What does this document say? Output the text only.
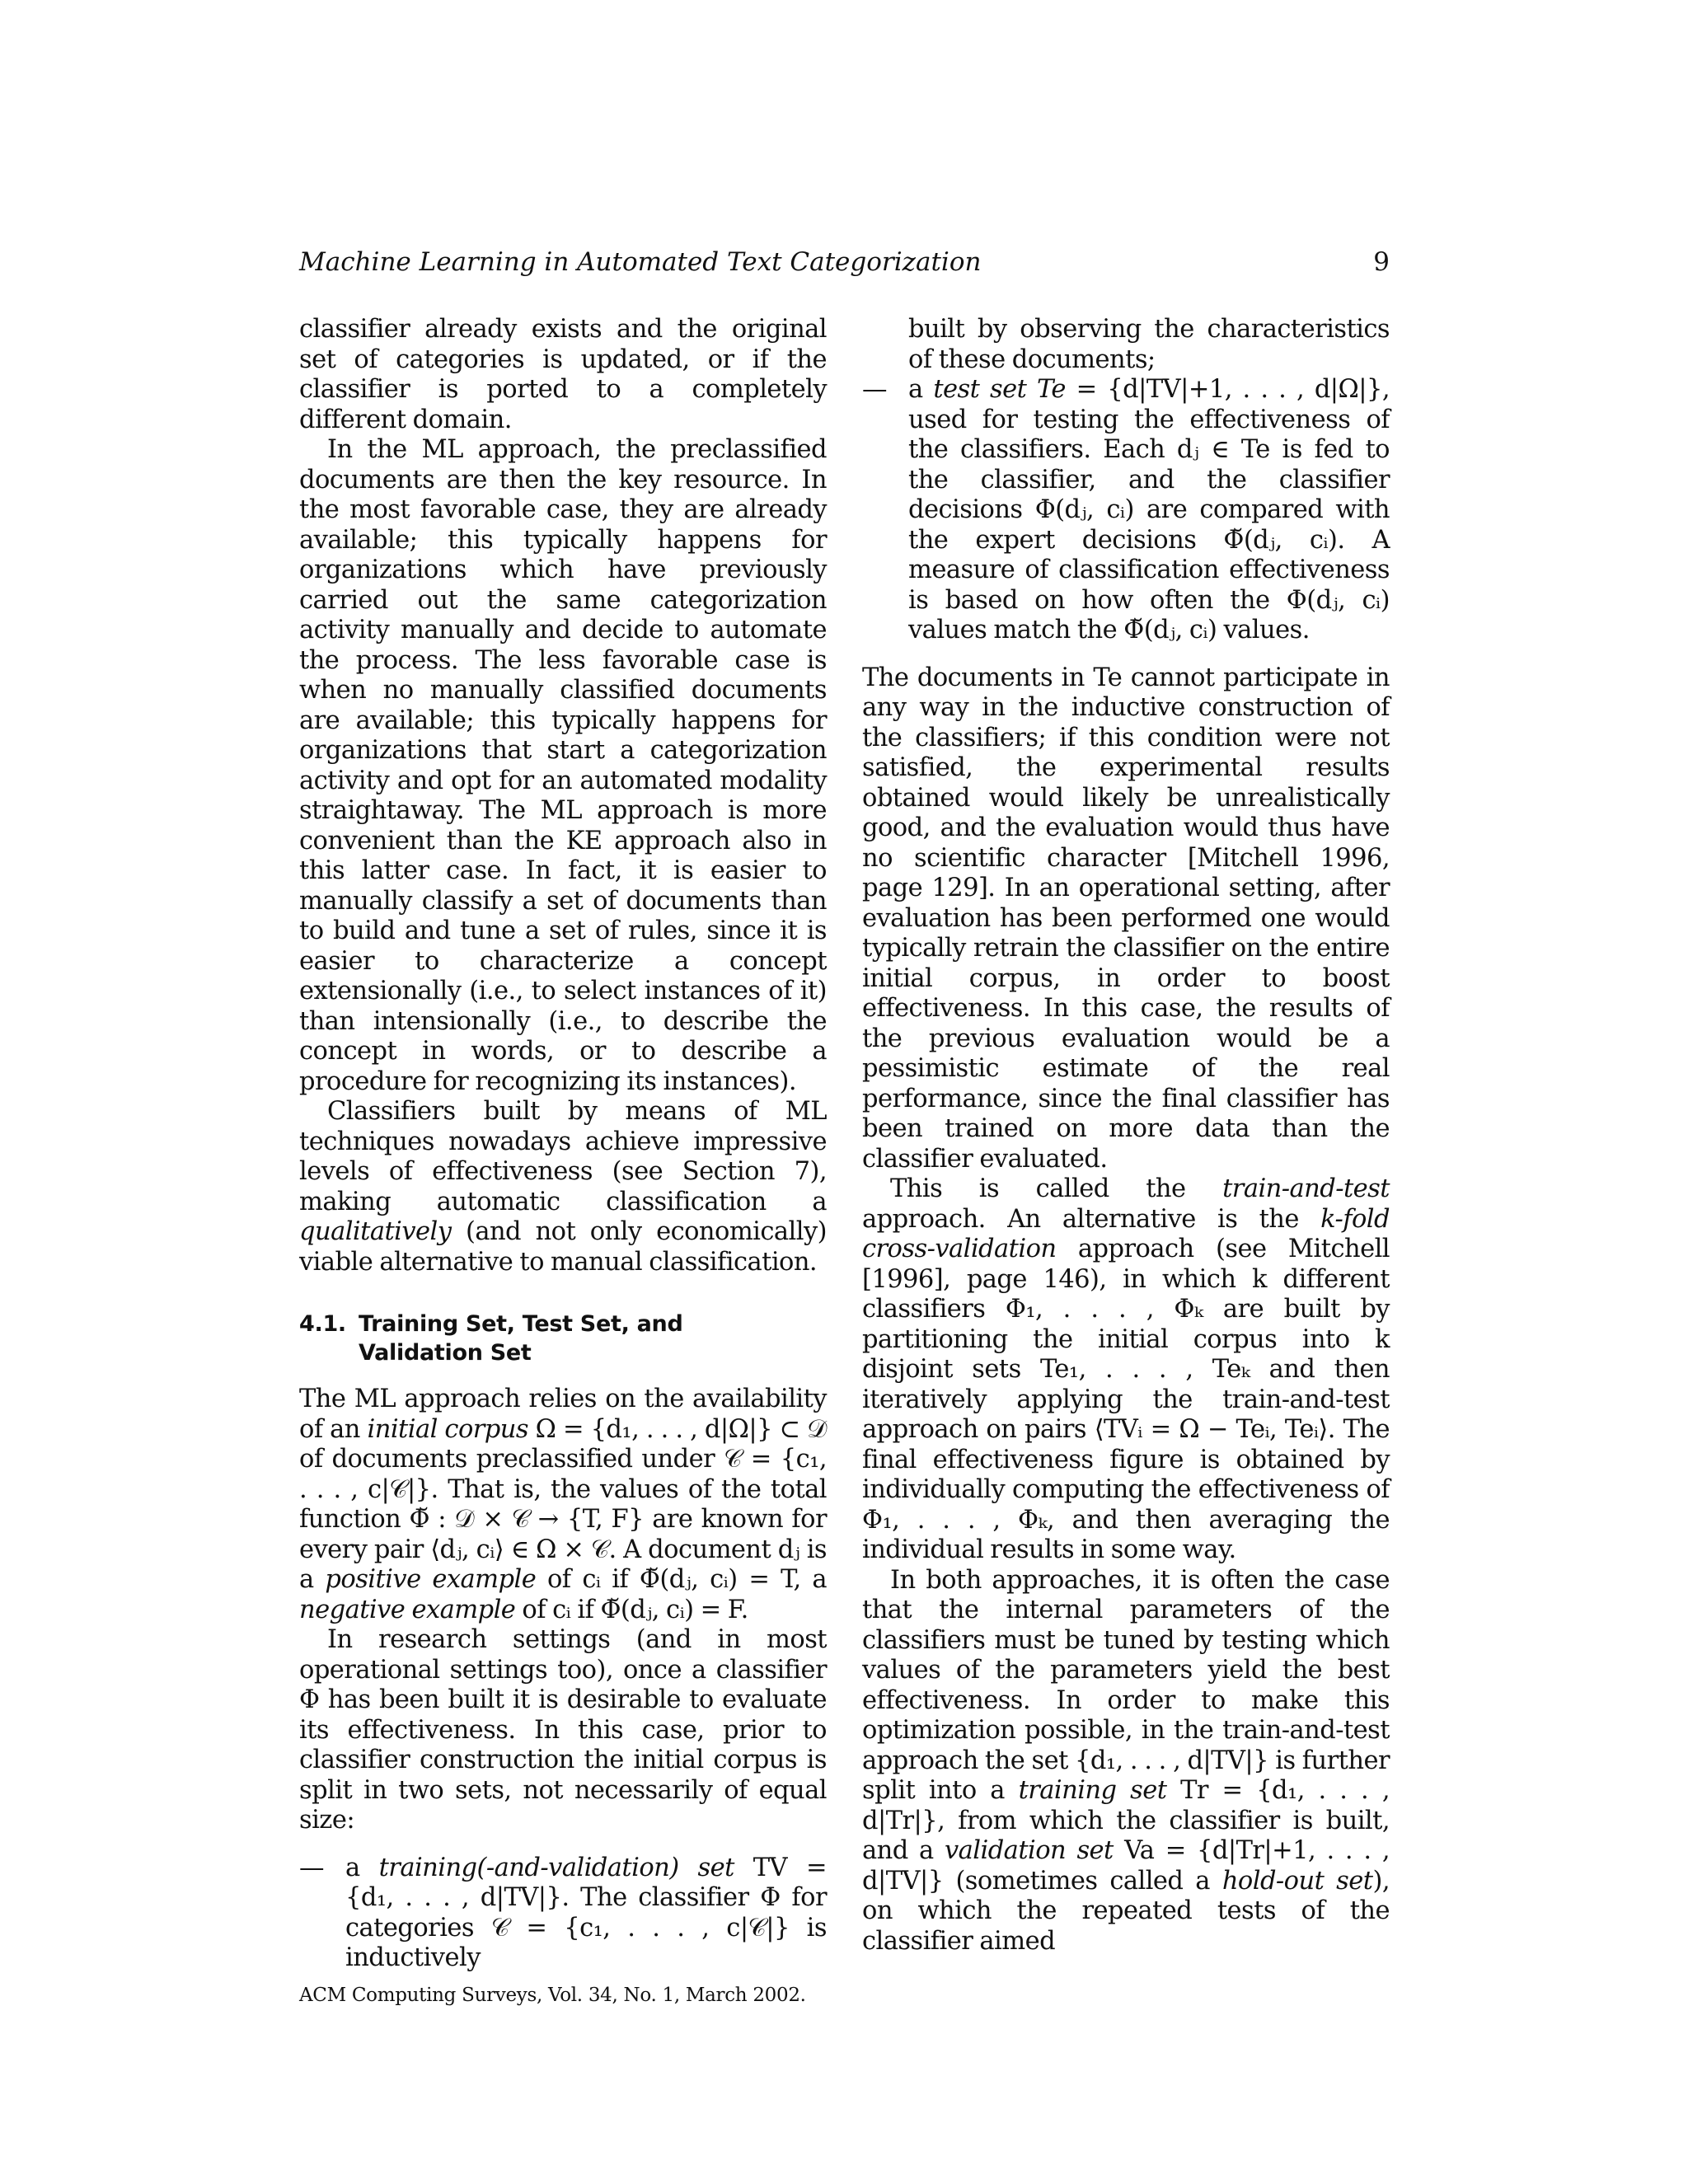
Machine Learning in Automated Text Categorization	9

classifier already exists and the original set of categories is updated, or if the classifier is ported to a completely different domain.

In the ML approach, the preclassified documents are then the key resource. In the most favorable case, they are already available; this typically happens for organizations which have previously carried out the same categorization activity manually and decide to automate the process. The less favorable case is when no manually classified documents are available; this typically happens for organizations that start a categorization activity and opt for an automated modality straightaway. The ML approach is more convenient than the KE approach also in this latter case. In fact, it is easier to manually classify a set of documents than to build and tune a set of rules, since it is easier to characterize a concept extensionally (i.e., to select instances of it) than intensionally (i.e., to describe the concept in words, or to describe a procedure for recognizing its instances).

Classifiers built by means of ML techniques nowadays achieve impressive levels of effectiveness (see Section 7), making automatic classification a qualitatively (and not only economically) viable alternative to manual classification.

4.1. Training Set, Test Set, and
Validation Set

The ML approach relies on the availability of an initial corpus Ω = {d₁, . . . , d|Ω|} ⊂ 𝒟 of documents preclassified under 𝒞 = {c₁, . . . , c|𝒞|}. That is, the values of the total function Φ̆ : 𝒟 × 𝒞 → {T, F} are known for every pair ⟨dⱼ, cᵢ⟩ ∈ Ω × 𝒞. A document dⱼ is a positive example of cᵢ if Φ̆(dⱼ, cᵢ) = T, a negative example of cᵢ if Φ̆(dⱼ, cᵢ) = F.

In research settings (and in most operational settings too), once a classifier Φ has been built it is desirable to evaluate its effectiveness. In this case, prior to classifier construction the initial corpus is split in two sets, not necessarily of equal size:

— a training(-and-validation) set TV = {d₁, . . . , d|TV|}. The classifier Φ for categories 𝒞 = {c₁, . . . , c|𝒞|} is inductively

built by observing the characteristics of these documents;

— a test set Te = {d|TV|+1, . . . , d|Ω|}, used for testing the effectiveness of the classifiers. Each dⱼ ∈ Te is fed to the classifier, and the classifier decisions Φ(dⱼ, cᵢ) are compared with the expert decisions Φ̆(dⱼ, cᵢ). A measure of classification effectiveness is based on how often the Φ(dⱼ, cᵢ) values match the Φ̆(dⱼ, cᵢ) values.

The documents in Te cannot participate in any way in the inductive construction of the classifiers; if this condition were not satisfied, the experimental results obtained would likely be unrealistically good, and the evaluation would thus have no scientific character [Mitchell 1996, page 129]. In an operational setting, after evaluation has been performed one would typically retrain the classifier on the entire initial corpus, in order to boost effectiveness. In this case, the results of the previous evaluation would be a pessimistic estimate of the real performance, since the final classifier has been trained on more data than the classifier evaluated.

This is called the train-and-test approach. An alternative is the k-fold cross-validation approach (see Mitchell [1996], page 146), in which k different classifiers Φ₁, . . . , Φₖ are built by partitioning the initial corpus into k disjoint sets Te₁, . . . , Teₖ and then iteratively applying the train-and-test approach on pairs ⟨TVᵢ = Ω − Teᵢ, Teᵢ⟩. The final effectiveness figure is obtained by individually computing the effectiveness of Φ₁, . . . , Φₖ, and then averaging the individual results in some way.

In both approaches, it is often the case that the internal parameters of the classifiers must be tuned by testing which values of the parameters yield the best effectiveness. In order to make this optimization possible, in the train-and-test approach the set {d₁, . . . , d|TV|} is further split into a training set Tr = {d₁, . . . , d|Tr|}, from which the classifier is built, and a validation set Va = {d|Tr|+1, . . . , d|TV|} (sometimes called a hold-out set), on which the repeated tests of the classifier aimed

ACM Computing Surveys, Vol. 34, No. 1, March 2002.
